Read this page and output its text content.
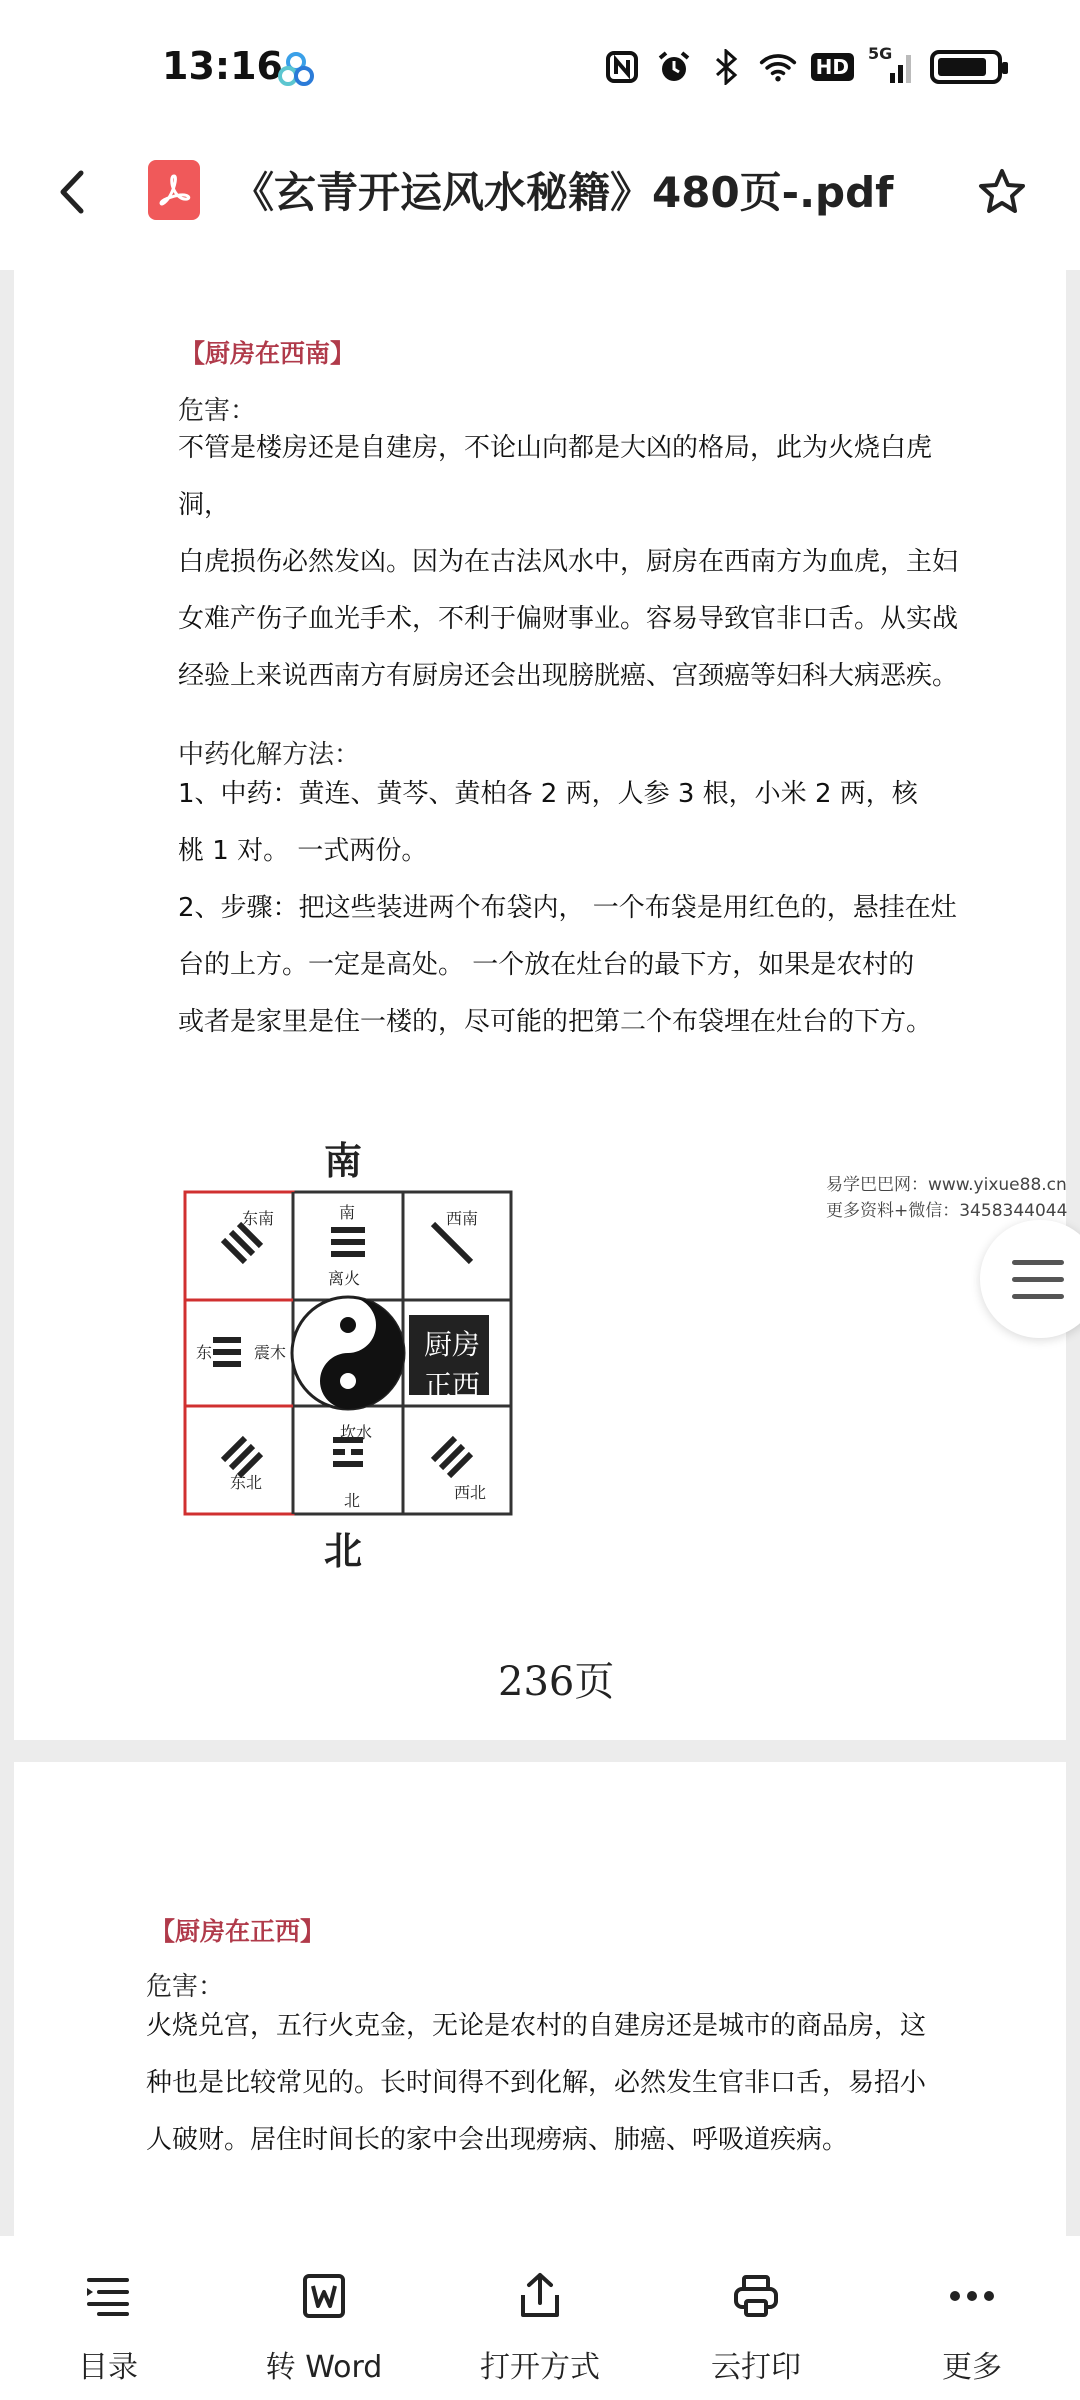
13:16	HD
5G
《玄青开运风水秘籍》480页-.pdf
【厨房在西南】
危害：
不管是楼房还是自建房，不论山向都是大凶的格局，此为火烧白虎洞，
白虎损伤必然发凶。因为在古法风水中，厨房在西南方为血虎，主妇
女难产伤子血光手术，不利于偏财事业。容易导致官非口舌。从实战
经验上来说西南方有厨房还会出现膀胱癌、宫颈癌等妇科大病恶疾。
中药化解方法：
1、中药：黄连、黄芩、黄柏各 2 两，人参 3 根，小米 2 两，核
桃 1 对。 一式两份。
2、步骤：把这些装进两个布袋内， 一个布袋是用红色的，悬挂在灶
台的上方。一定是高处。 一个放在灶台的最下方，如果是农村的
或者是家里是住一楼的，尽可能的把第二个布袋埋在灶台的下方。
南
东南	南
离火
西南
东	震木	厨房
正西
东北
坎水
北	西北
北
236页
易学巴巴网：www.yixue88.cn
更多资料+微信：3458344044
【厨房在正西】
危害：
火烧兑宫，五行火克金，无论是农村的自建房还是城市的商品房，这
种也是比较常见的。长时间得不到化解，必然发生官非口舌，易招小
人破财。居住时间长的家中会出现痨病、肺癌、呼吸道疾病。
目录	转 Word	打开方式	云打印	更多
